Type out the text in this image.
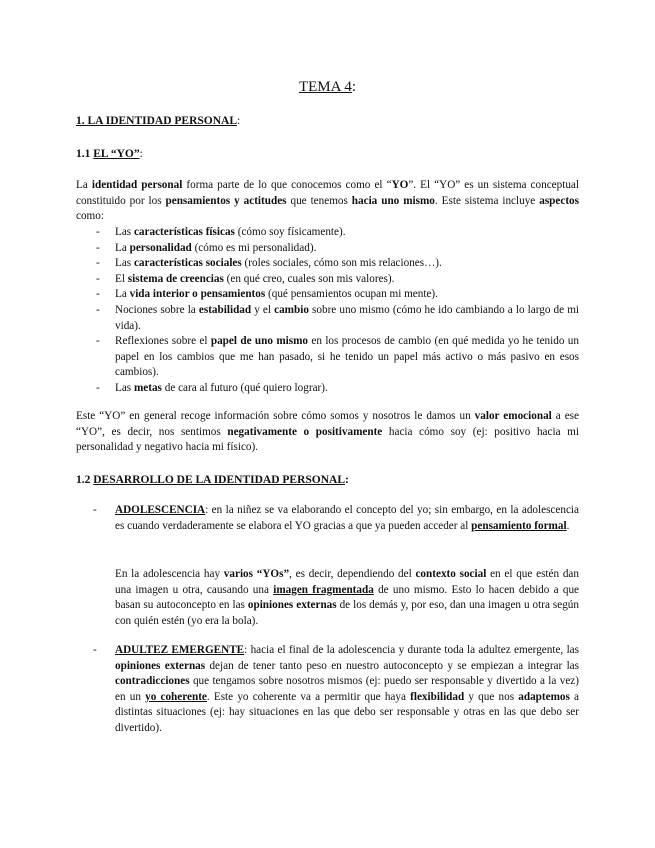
TEMA 4:
1. LA IDENTIDAD PERSONAL:
1.1 EL “YO”:
La identidad personal forma parte de lo que conocemos como el “YO”. El “YO” es un sistema conceptual constituido por los pensamientos y actitudes que tenemos hacia uno mismo. Este sistema incluye aspectos como:
- Las características físicas (cómo soy físicamente).
- La personalidad (cómo es mi personalidad).
- Las características sociales (roles sociales, cómo son mis relaciones…).
- El sistema de creencias (en qué creo, cuales son mis valores).
- La vida interior o pensamientos (qué pensamientos ocupan mi mente).
- Nociones sobre la estabilidad y el cambio sobre uno mismo (cómo he ido cambiando a lo largo de mi vida).
- Reflexiones sobre el papel de uno mismo en los procesos de cambio (en qué medida yo he tenido un papel en los cambios que me han pasado, si he tenido un papel más activo o más pasivo en esos cambios).
- Las metas de cara al futuro (qué quiero lograr).
Este “YO” en general recoge información sobre cómo somos y nosotros le damos un valor emocional a ese “YO”, es decir, nos sentimos negativamente o positivamente hacia cómo soy (ej: positivo hacia mi personalidad y negativo hacia mi físico).
1.2 DESARROLLO DE LA IDENTIDAD PERSONAL:
- ADOLESCENCIA: en la niñez se va elaborando el concepto del yo; sin embargo, en la adolescencia es cuando verdaderamente se elabora el YO gracias a que ya pueden acceder al pensamiento formal.
En la adolescencia hay varios “YOs”, es decir, dependiendo del contexto social en el que estén dan una imagen u otra, causando una imagen fragmentada de uno mismo. Esto lo hacen debido a que basan su autoconcepto en las opiniones externas de los demás y, por eso, dan una imagen u otra según con quién estén (yo era la bola).
- ADULTEZ EMERGENTE: hacia el final de la adolescencia y durante toda la adultez emergente, las opiniones externas dejan de tener tanto peso en nuestro autoconcepto y se empiezan a integrar las contradicciones que tengamos sobre nosotros mismos (ej: puedo ser responsable y divertido a la vez) en un yo coherente. Este yo coherente va a permitir que haya flexibilidad y que nos adaptemos a distintas situaciones (ej: hay situaciones en las que debo ser responsable y otras en las que debo ser divertido).
